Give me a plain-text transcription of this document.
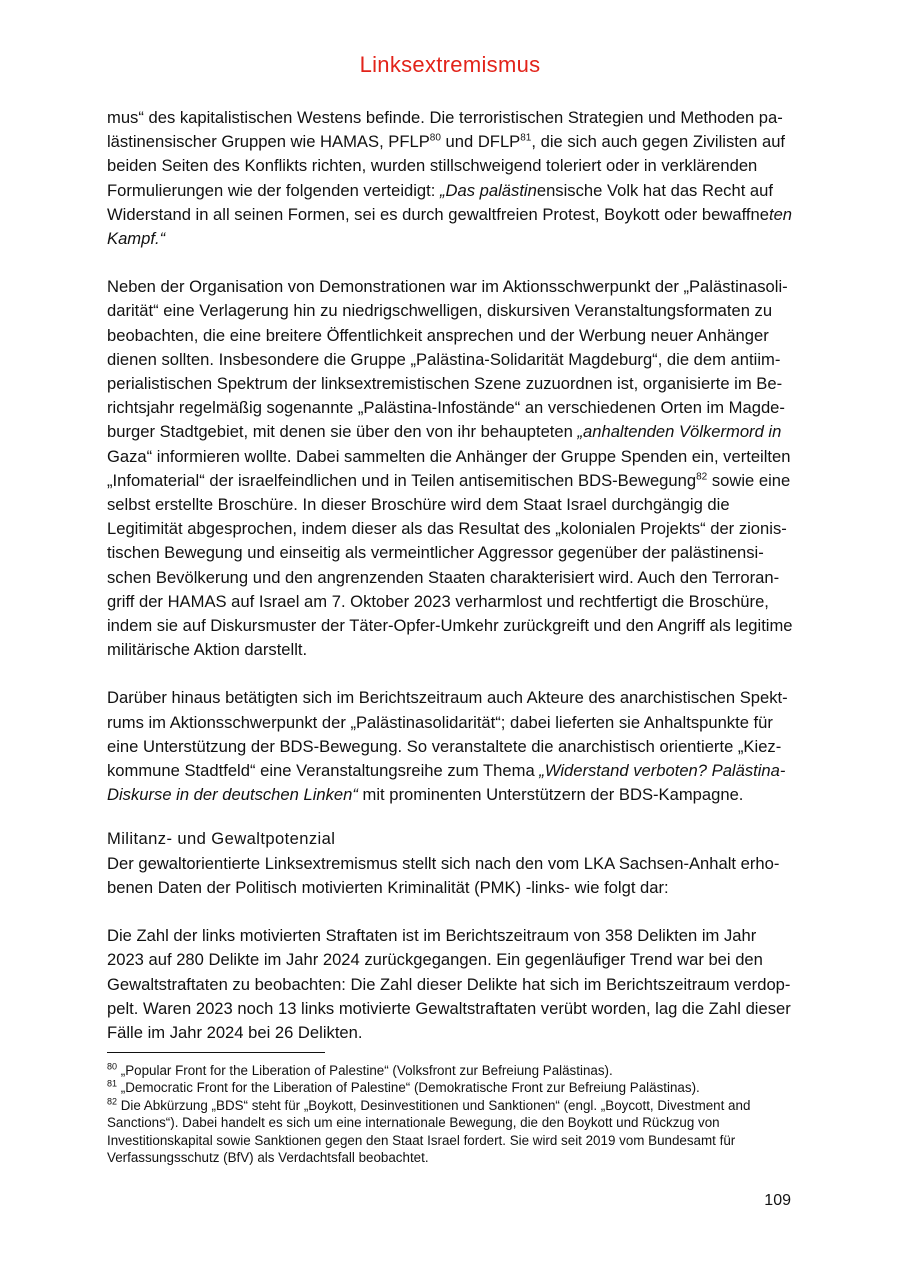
Linksextremismus

mus“ des kapitalistischen Westens befinde. Die terroristischen Strategien und Methoden palästinensischer Gruppen wie HAMAS, PFLP$^{80}$ und DFLP$^{81}$, die sich auch gegen Zivilisten auf beiden Seiten des Konflikts richten, wurden stillschweigend toleriert oder in verklärenden Formulierungen wie der folgenden verteidigt: „Das palästinensische Volk hat das Recht auf Widerstand in all seinen Formen, sei es durch gewaltfreien Protest, Boykott oder bewaffneten Kampf.“

Neben der Organisation von Demonstrationen war im Aktionsschwerpunkt der „Palästinasolidarität“ eine Verlagerung hin zu niedrigschwelligen, diskursiven Veranstaltungsformaten zu beobachten, die eine breitere Öffentlichkeit ansprechen und der Werbung neuer Anhänger dienen sollten. Insbesondere die Gruppe „Palästina-Solidarität Magdeburg“, die dem antiimperialistischen Spektrum der linksextremistischen Szene zuzuordnen ist, organisierte im Berichtsjahr regelmäßig sogenannte „Palästina-Infostände“ an verschiedenen Orten im Magdeburger Stadtgebiet, mit denen sie über den von ihr behaupteten „anhaltenden Völkermord in Gaza“ informieren wollte. Dabei sammelten die Anhänger der Gruppe Spenden ein, verteilten „Infomaterial“ der israelfeindlichen und in Teilen antisemitischen BDS-Bewegung$^{82}$ sowie eine selbst erstellte Broschüre. In dieser Broschüre wird dem Staat Israel durchgängig die Legitimität abgesprochen, indem dieser als das Resultat des „kolonialen Projekts“ der zionistischen Bewegung und einseitig als vermeintlicher Aggressor gegenüber der palästinensischen Bevölkerung und den angrenzenden Staaten charakterisiert wird. Auch den Terrorangriff der HAMAS auf Israel am 7. Oktober 2023 verharmlost und rechtfertigt die Broschüre, indem sie auf Diskursmuster der Täter-Opfer-Umkehr zurückgreift und den Angriff als legitime militärische Aktion darstellt.

Darüber hinaus betätigten sich im Berichtszeitraum auch Akteure des anarchistischen Spektrums im Aktionsschwerpunkt der „Palästinasolidarität“; dabei lieferten sie Anhaltspunkte für eine Unterstützung der BDS-Bewegung. So veranstaltete die anarchistisch orientierte „Kiezkommune Stadtfeld“ eine Veranstaltungsreihe zum Thema „Widerstand verboten? Palästina-Diskurse in der deutschen Linken“ mit prominenten Unterstützern der BDS-Kampagne.

Militanz- und Gewaltpotenzial

Der gewaltorientierte Linksextremismus stellt sich nach den vom LKA Sachsen-Anhalt erhobenen Daten der Politisch motivierten Kriminalität (PMK) -links- wie folgt dar:

Die Zahl der links motivierten Straftaten ist im Berichtszeitraum von 358 Delikten im Jahr 2023 auf 280 Delikte im Jahr 2024 zurückgegangen. Ein gegenläufiger Trend war bei den Gewaltstraftaten zu beobachten: Die Zahl dieser Delikte hat sich im Berichtszeitraum verdoppelt. Waren 2023 noch 13 links motivierte Gewaltstraftaten verübt worden, lag die Zahl dieser Fälle im Jahr 2024 bei 26 Delikten.

$^{80}$ „Popular Front for the Liberation of Palestine“ (Volksfront zur Befreiung Palästinas).

$^{81}$ „Democratic Front for the Liberation of Palestine“ (Demokratische Front zur Befreiung Palästinas).

$^{82}$ Die Abkürzung „BDS“ steht für „Boykott, Desinvestitionen und Sanktionen“ (engl. „Boycott, Divestment and Sanctions“). Dabei handelt es sich um eine internationale Bewegung, die den Boykott und Rückzug von Investitionskapital sowie Sanktionen gegen den Staat Israel fordert. Sie wird seit 2019 vom Bundesamt für Verfassungsschutz (BfV) als Verdachtsfall beobachtet.

109
